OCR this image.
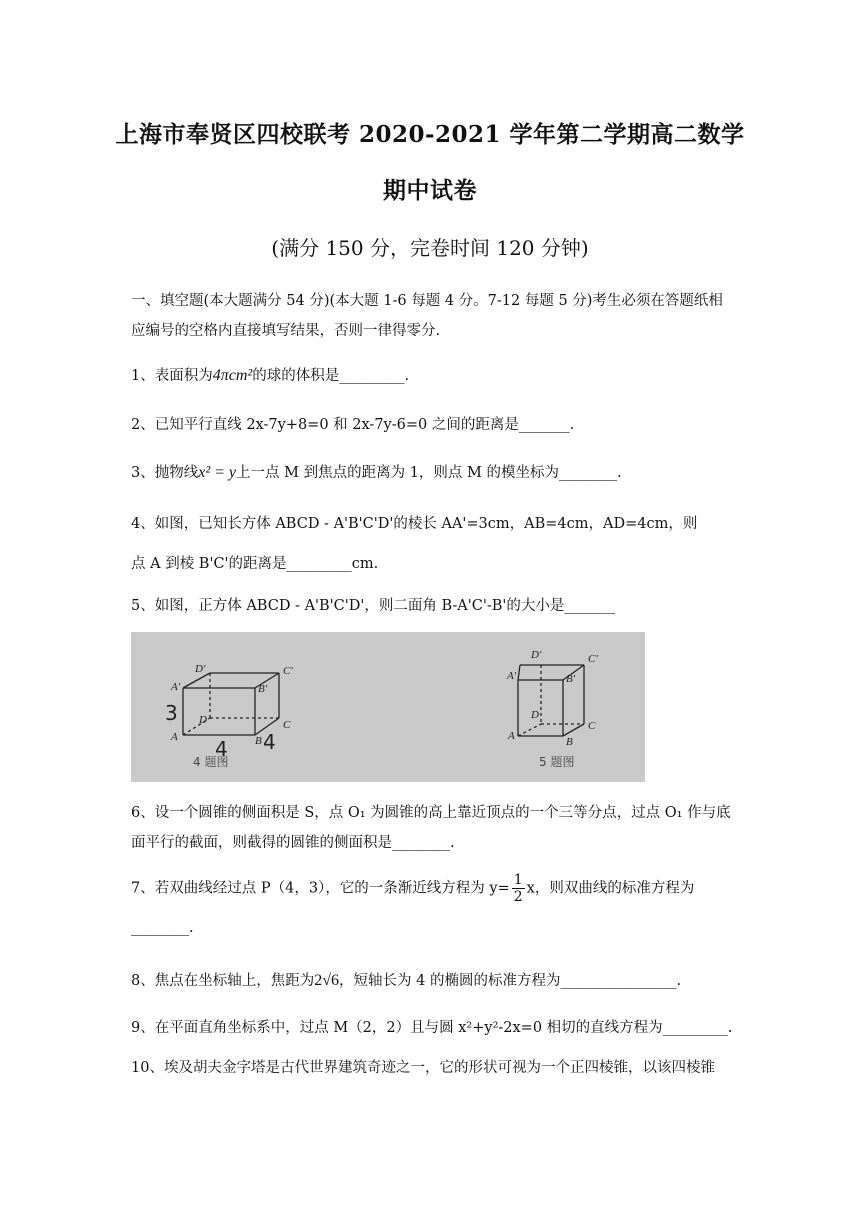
上海市奉贤区四校联考 2020-2021 学年第二学期高二数学
期中试卷
(满分 150 分，完卷时间 120 分钟)
一、填空题(本大题满分 54 分)(本大题 1-6 每题 4 分。7-12 每题 5 分)考生必须在答题纸相应编号的空格内直接填写结果，否则一律得零分.
1、表面积为4πcm²的球的体积是_________.
2、已知平行直线 2x-7y+8=0 和 2x-7y-6=0 之间的距离是_______.
3、抛物线x² = y上一点 M 到焦点的距离为 1，则点 M 的模坐标为________.
4、如图，已知长方体 ABCD - A'B'C'D'的棱长 AA'=3cm，AB=4cm，AD=4cm，则
点 A 到棱 B'C'的距离是_________cm.
5、如图，正方体 ABCD - A'B'C'D'，则二面角 B-A'C'-B'的大小是_______
D'	C'
A'	B'
D	C
A	B
3
4 4
4 题图
D'	C'
A'	B'
D
C
A	B
5 题图
6、设一个圆锥的侧面积是 S，点 O₁ 为圆锥的高上靠近顶点的一个三等分点，过点 O₁ 作与底面平行的截面，则截得的圆锥的侧面积是________.
7、若双曲线经过点 P（4，3），它的一条渐近线方程为 $y= \frac{1}{2}$ x，则双曲线的标准方程为
________.
8、焦点在坐标轴上，焦距为2√6，短轴长为 4 的椭圆的标准方程为________________.
9、在平面直角坐标系中，过点 M（2，2）且与圆 x²+y²-2x=0 相切的直线方程为_________.
10、埃及胡夫金字塔是古代世界建筑奇迹之一，它的形状可视为一个正四棱锥，以该四棱锥
